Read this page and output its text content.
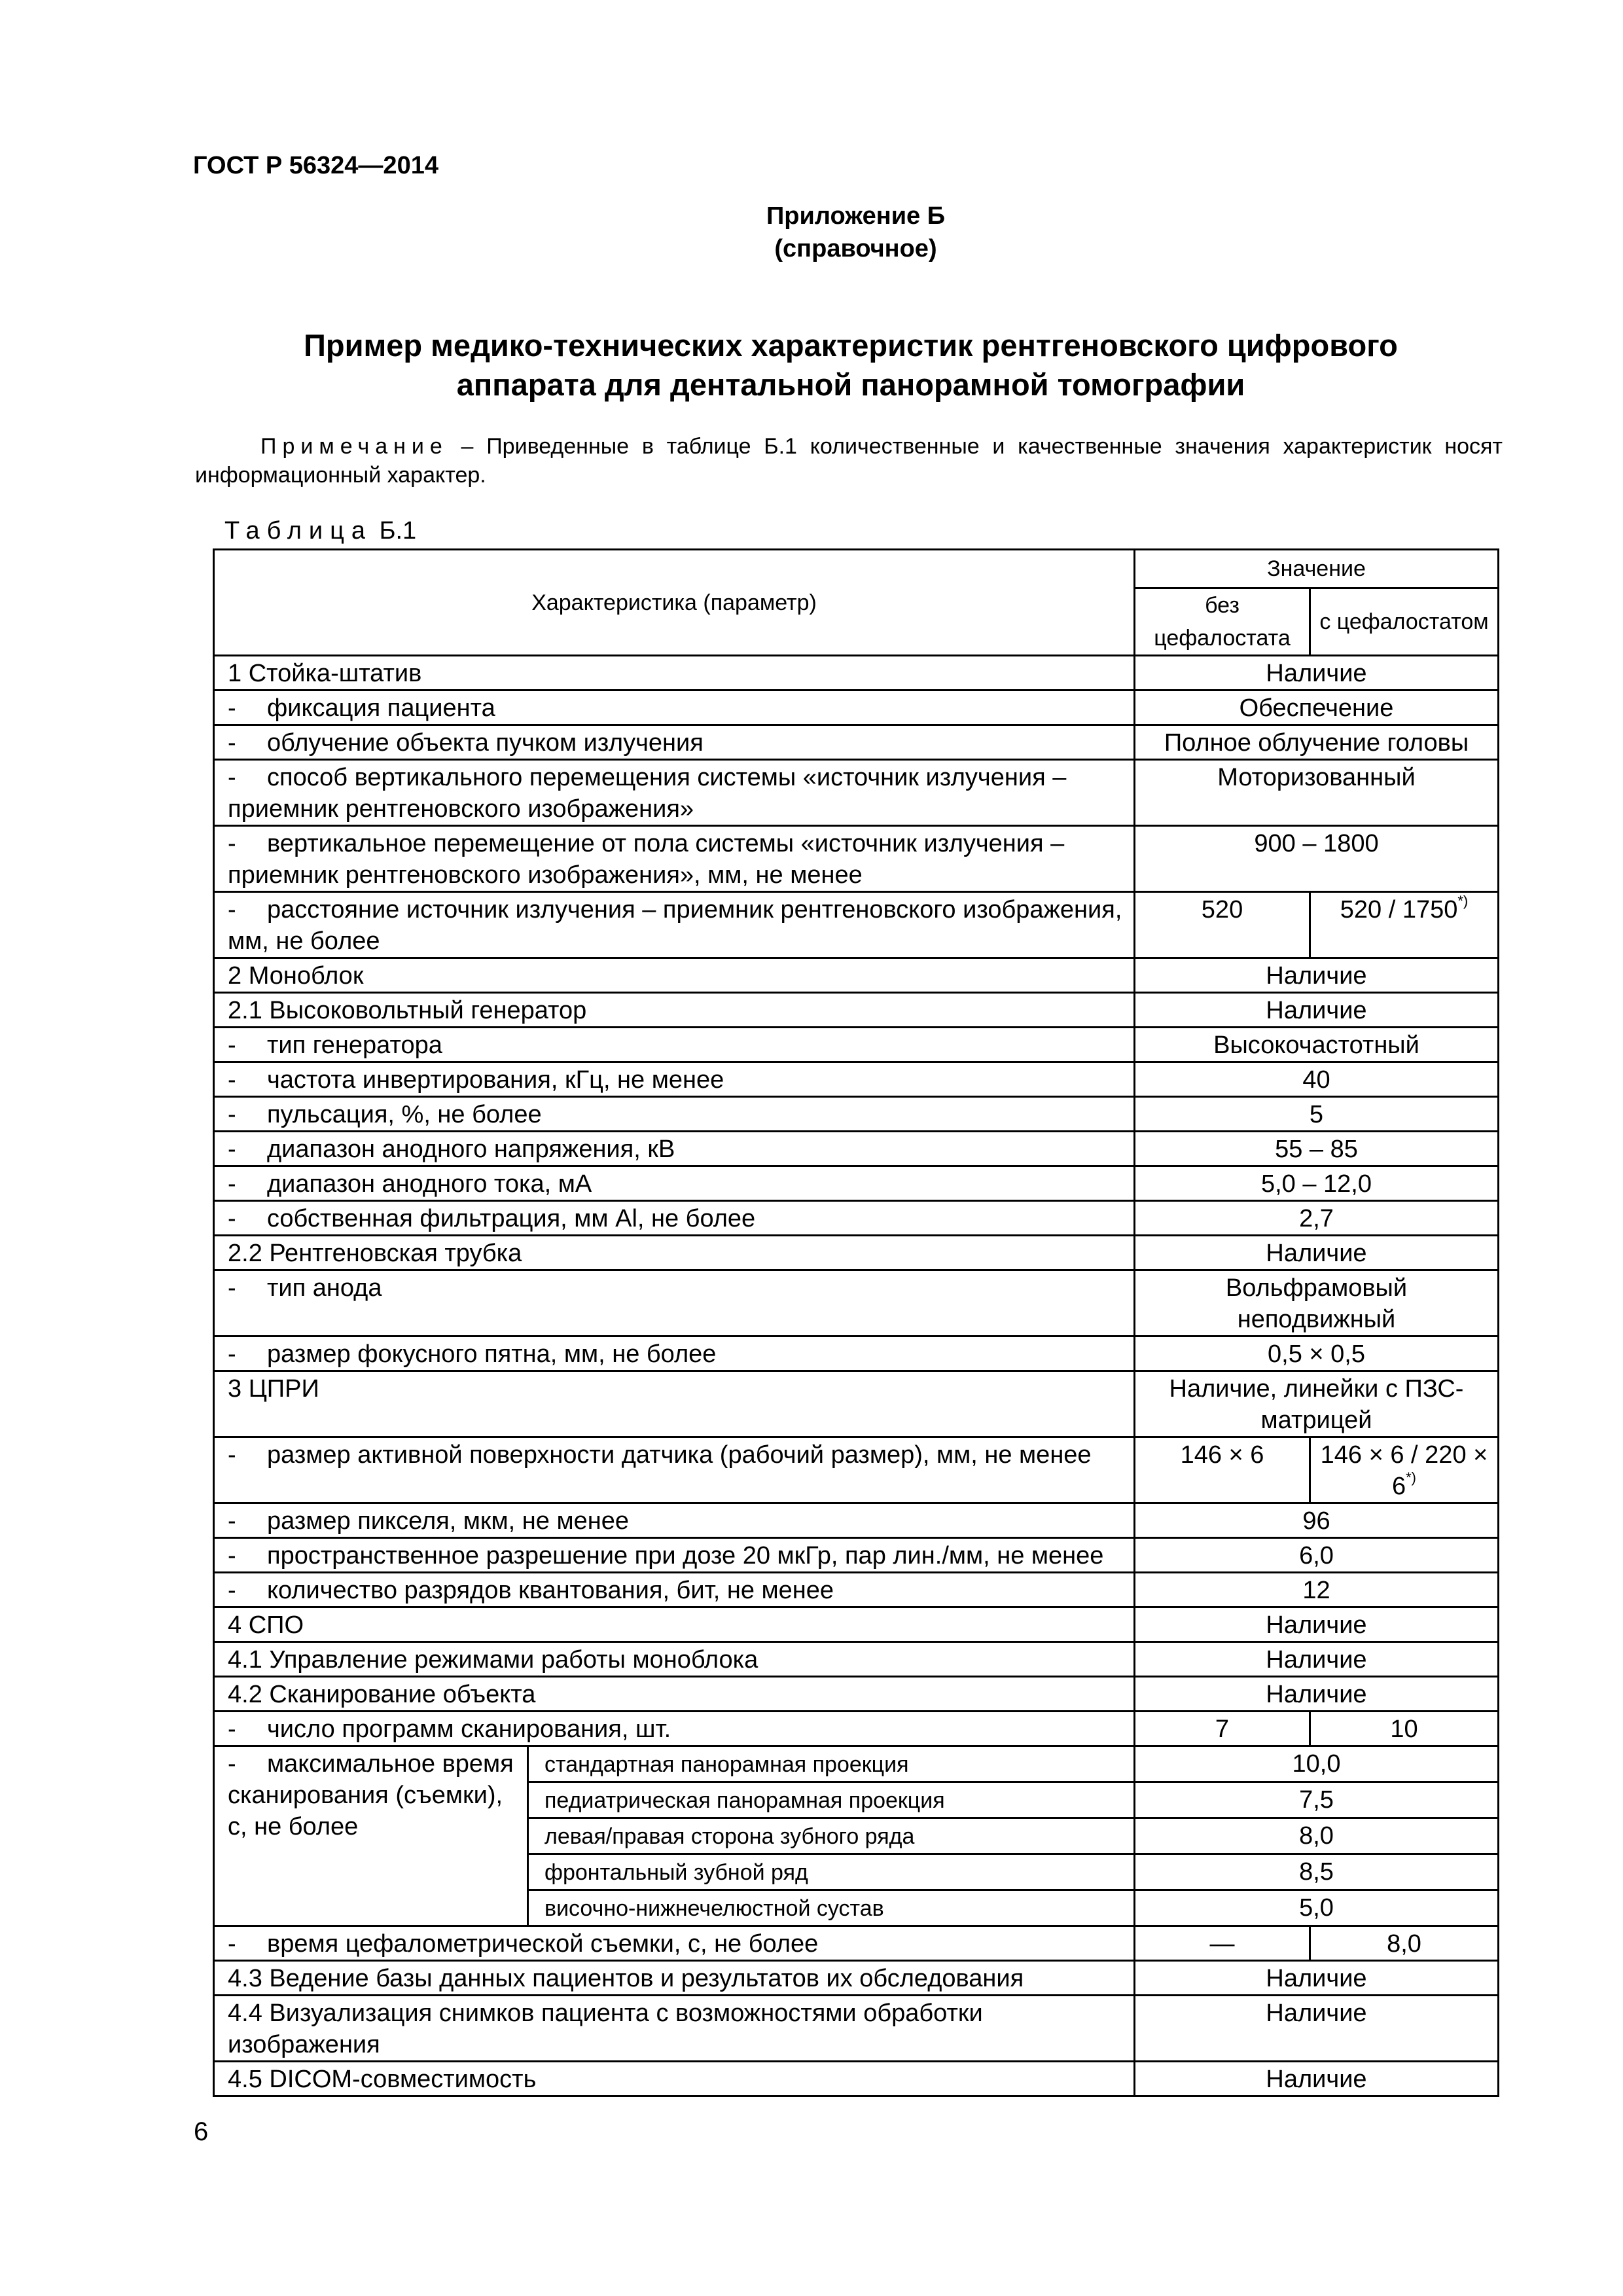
ГОСТ Р 56324—2014
Приложение Б
(справочное)
Пример медико-технических характеристик рентгеновского цифрового
аппарата для дентальной панорамной томографии
Примечание – Приведенные в таблице Б.1 количественные и качественные значения характеристик носят информационный характер.
Таблица Б.1
Характеристика (параметр)		Значение	
		без цефалостата	с цефалостатом
1 Стойка-штатив		Наличие	
- фиксация пациента		Обеспечение	
- облучение объекта пучком излучения		Полное облучение головы	
- способ вертикального перемещения системы «источник излучения – приемник рентгеновского изображения»		Моторизованный	
- вертикальное перемещение от пола системы «источник излучения – приемник рентгеновского изображения», мм, не менее		900 – 1800	
- расстояние источник излучения – приемник рентгеновского изображения, мм, не более		520	520 / 1750*)
2 Моноблок		Наличие	
2.1 Высоковольтный генератор		Наличие	
- тип генератора		Высокочастотный	
- частота инвертирования, кГц, не менее		40	
- пульсация, %, не более		5	
- диапазон анодного напряжения, кВ		55 – 85	
- диапазон анодного тока, мА		5,0 – 12,0	
- собственная фильтрация, мм Al, не более		2,7	
2.2 Рентгеновская трубка		Наличие	
- тип анода		Вольфрамовый неподвижный	

- размер фокусного пятна, мм, не более		0,5 × 0,5	
3 ЦПРИ		Наличие, линейки с ПЗС-матрицей	

- размер активной поверхности датчика (рабочий размер), мм, не менее		146 × 6	146 × 6 / 220 × 6*)
- размер пикселя, мкм, не менее		96	
- пространственное разрешение при дозе 20 мкГр, пар лин./мм, не менее		6,0	
- количество разрядов квантования, бит, не менее		12	
4 СПО		Наличие	
4.1 Управление режимами работы моноблока		Наличие	
4.2 Сканирование объекта		Наличие	
- число программ сканирования, шт.		7	10
- максимальное время сканирования (съемки), с, не более	стандартная панорамная проекция	10,0	
	педиатрическая панорамная проекция	7,5	
	левая/правая сторона зубного ряда	8,0	
	фронтальный зубной ряд	8,5	
	височно-нижнечелюстной сустав	5,0	
- время цефалометрической съемки, с, не более		—	8,0
4.3 Ведение базы данных пациентов и результатов их обследования		Наличие	
4.4 Визуализация снимков пациента с возможностями обработки изображения		Наличие	
4.5 DICOM-совместимость		Наличие	
6
